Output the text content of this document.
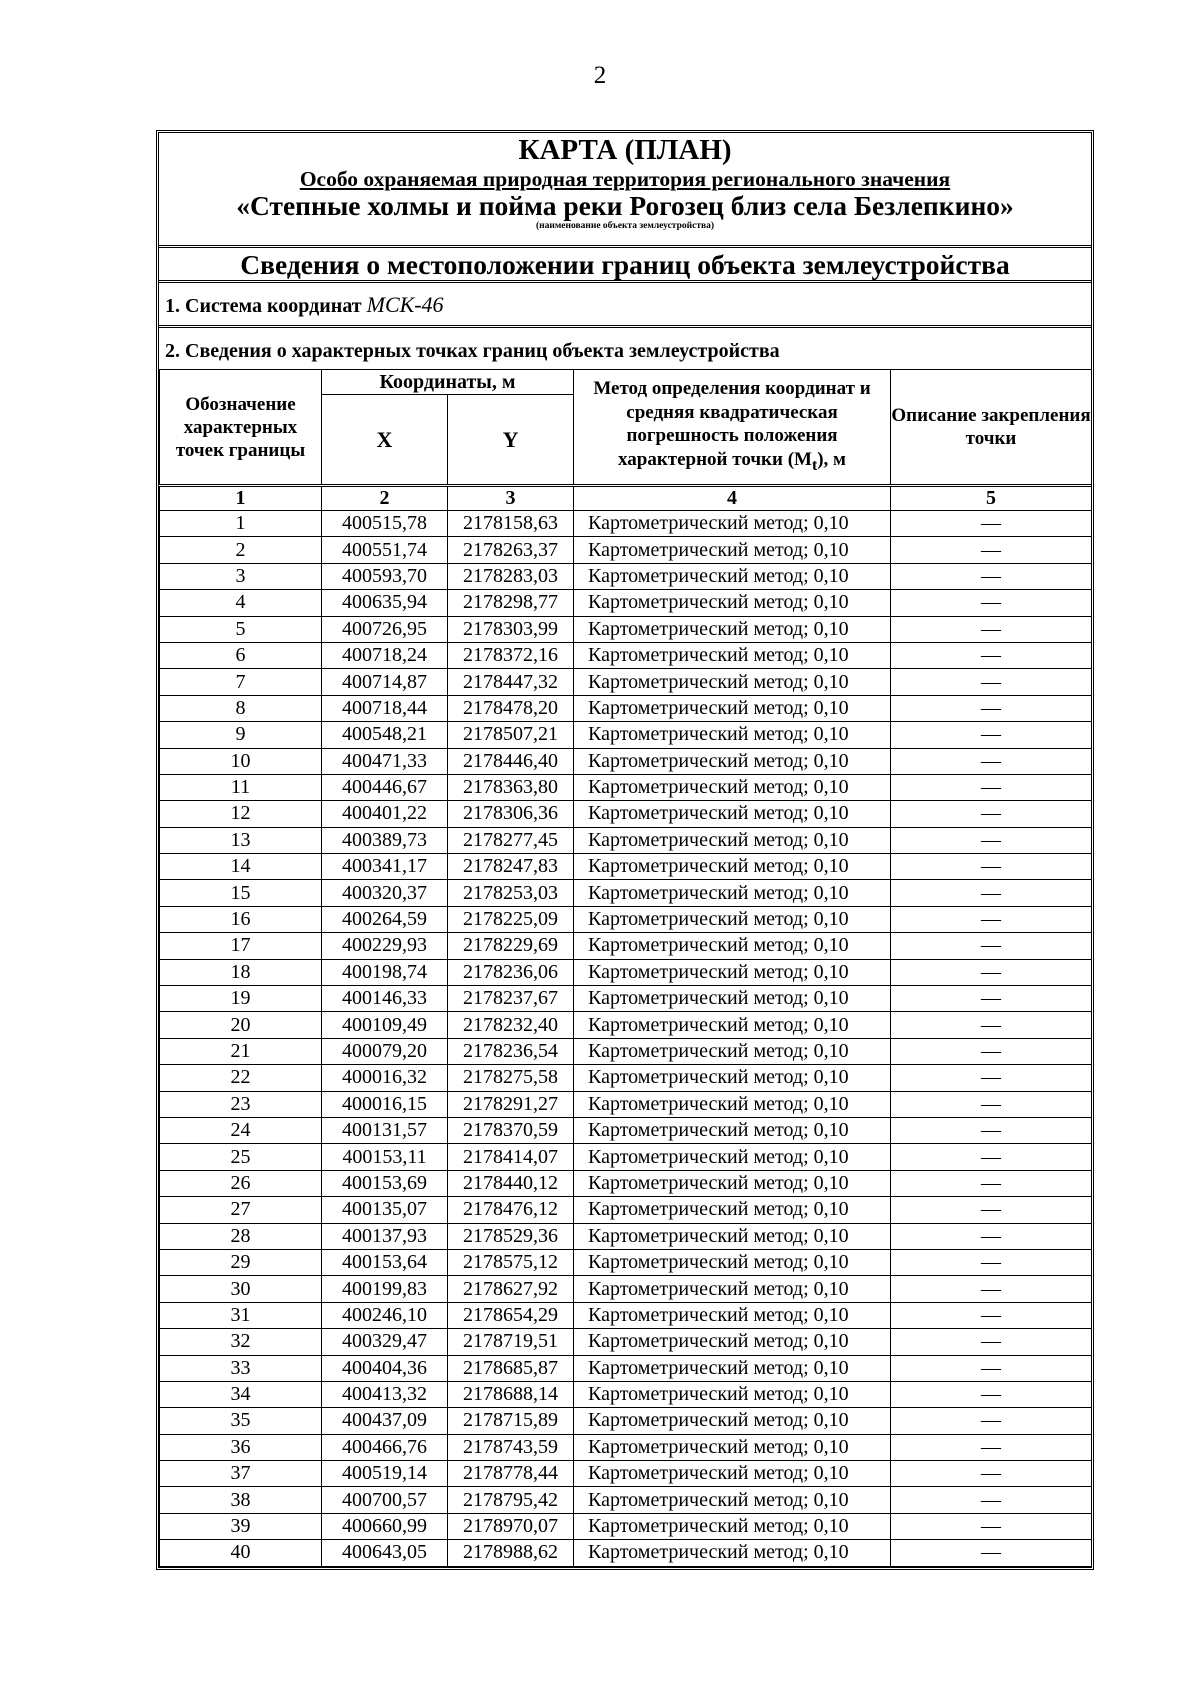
2
КАРТА (ПЛАН)
Особо охраняемая природная территория регионального значения
«Степные холмы и пойма реки Рогозец близ села Безлепкино»
(наименование объекта землеустройства)
Сведения о местоположении границ объекта землеустройства
1. Система координат МСК-46
2. Сведения о характерных точках границ объекта землеустройства
Обозначение характерных точек границы	Координаты, м		Метод определения координат и средняя квадратическая погрешность положения характерной точки $(M_t)$, м	Описание закрепления точки
	X	Y		
1	2	3	4	5
1	400515,78	2178158,63	Картометрический метод; 0,10	—
2	400551,74	2178263,37	Картометрический метод; 0,10	—
3	400593,70	2178283,03	Картометрический метод; 0,10	—
4	400635,94	2178298,77	Картометрический метод; 0,10	—
5	400726,95	2178303,99	Картометрический метод; 0,10	—
6	400718,24	2178372,16	Картометрический метод; 0,10	—
7	400714,87	2178447,32	Картометрический метод; 0,10	—
8	400718,44	2178478,20	Картометрический метод; 0,10	—
9	400548,21	2178507,21	Картометрический метод; 0,10	—
10	400471,33	2178446,40	Картометрический метод; 0,10	—
11	400446,67	2178363,80	Картометрический метод; 0,10	—
12	400401,22	2178306,36	Картометрический метод; 0,10	—
13	400389,73	2178277,45	Картометрический метод; 0,10	—
14	400341,17	2178247,83	Картометрический метод; 0,10	—
15	400320,37	2178253,03	Картометрический метод; 0,10	—
16	400264,59	2178225,09	Картометрический метод; 0,10	—
17	400229,93	2178229,69	Картометрический метод; 0,10	—
18	400198,74	2178236,06	Картометрический метод; 0,10	—
19	400146,33	2178237,67	Картометрический метод; 0,10	—
20	400109,49	2178232,40	Картометрический метод; 0,10	—
21	400079,20	2178236,54	Картометрический метод; 0,10	—
22	400016,32	2178275,58	Картометрический метод; 0,10	—
23	400016,15	2178291,27	Картометрический метод; 0,10	—
24	400131,57	2178370,59	Картометрический метод; 0,10	—
25	400153,11	2178414,07	Картометрический метод; 0,10	—
26	400153,69	2178440,12	Картометрический метод; 0,10	—
27	400135,07	2178476,12	Картометрический метод; 0,10	—
28	400137,93	2178529,36	Картометрический метод; 0,10	—
29	400153,64	2178575,12	Картометрический метод; 0,10	—
30	400199,83	2178627,92	Картометрический метод; 0,10	—
31	400246,10	2178654,29	Картометрический метод; 0,10	—
32	400329,47	2178719,51	Картометрический метод; 0,10	—
33	400404,36	2178685,87	Картометрический метод; 0,10	—
34	400413,32	2178688,14	Картометрический метод; 0,10	—
35	400437,09	2178715,89	Картометрический метод; 0,10	—
36	400466,76	2178743,59	Картометрический метод; 0,10	—
37	400519,14	2178778,44	Картометрический метод; 0,10	—
38	400700,57	2178795,42	Картометрический метод; 0,10	—
39	400660,99	2178970,07	Картометрический метод; 0,10	—
40	400643,05	2178988,62	Картометрический метод; 0,10	—
